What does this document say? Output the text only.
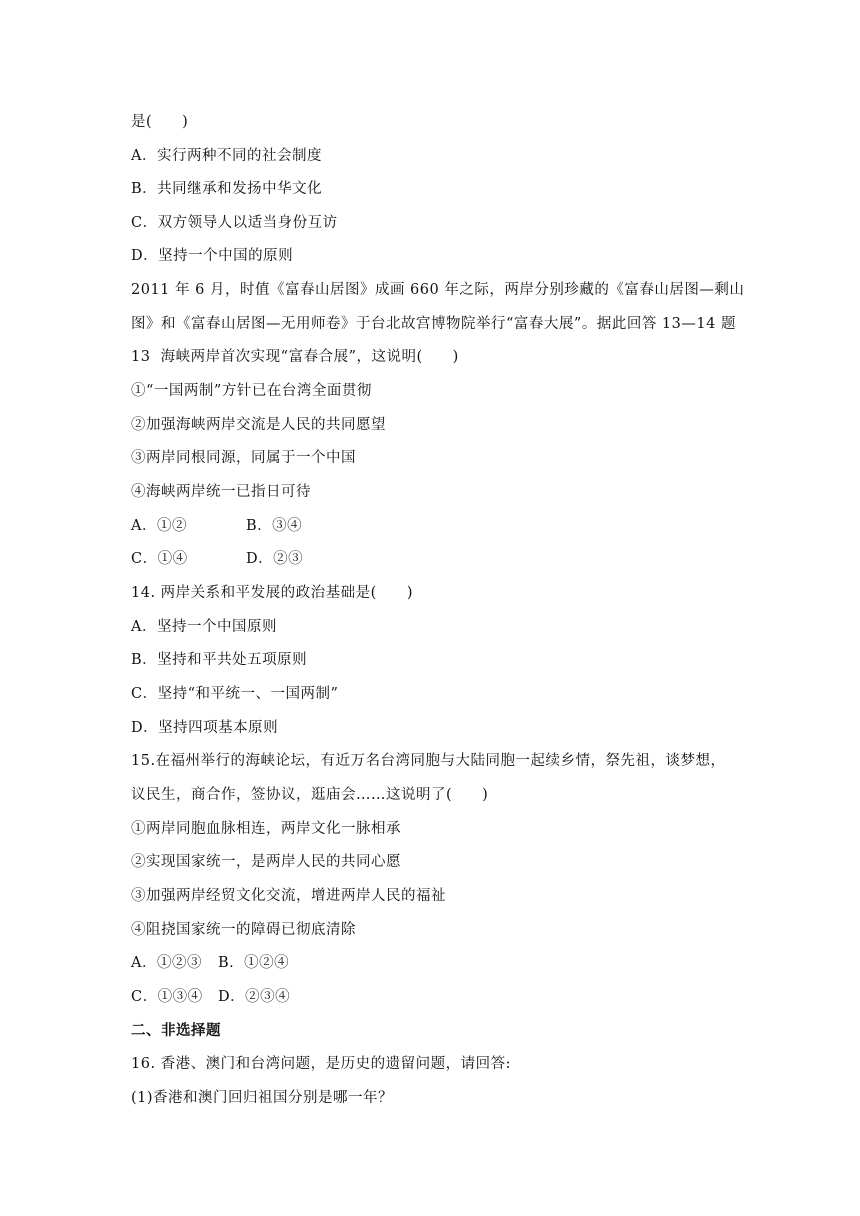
是(　　)
A．实行两种不同的社会制度
B．共同继承和发扬中华文化
C．双方领导人以适当身份互访
D．坚持一个中国的原则
2011 年 6 月，时值《富春山居图》成画 660 年之际，两岸分别珍藏的《富春山居图—剩山
图》和《富春山居图—无用师卷》于台北故宫博物院举行“富春大展”。据此回答 13—14 题
13  海峡两岸首次实现“富春合展”，这说明(　　)
①“一国两制”方针已在台湾全面贯彻
②加强海峡两岸交流是人民的共同愿望
③两岸同根同源，同属于一个中国
④海峡两岸统一已指日可待

A．①②

	B．③④

C．①④

	D．②③

14. 两岸关系和平发展的政治基础是(　　)
A．坚持一个中国原则
B．坚持和平共处五项原则
C．坚持“和平统一、一国两制”
D．坚持四项基本原则
15.在福州举行的海峡论坛，有近万名台湾同胞与大陆同胞一起续乡情，祭先祖，谈梦想，
议民生，商合作，签协议，逛庙会……这说明了(　　)
①两岸同胞血脉相连，两岸文化一脉相承
②实现国家统一，是两岸人民的共同心愿
③加强两岸经贸文化交流，增进两岸人民的福祉
④阻挠国家统一的障碍已彻底清除

A．①②③

B．①②④

C．①③④

D．②③④

二、非选择题
16. 香港、澳门和台湾问题，是历史的遗留问题，请回答:
(1)香港和澳门回归祖国分别是哪一年？
